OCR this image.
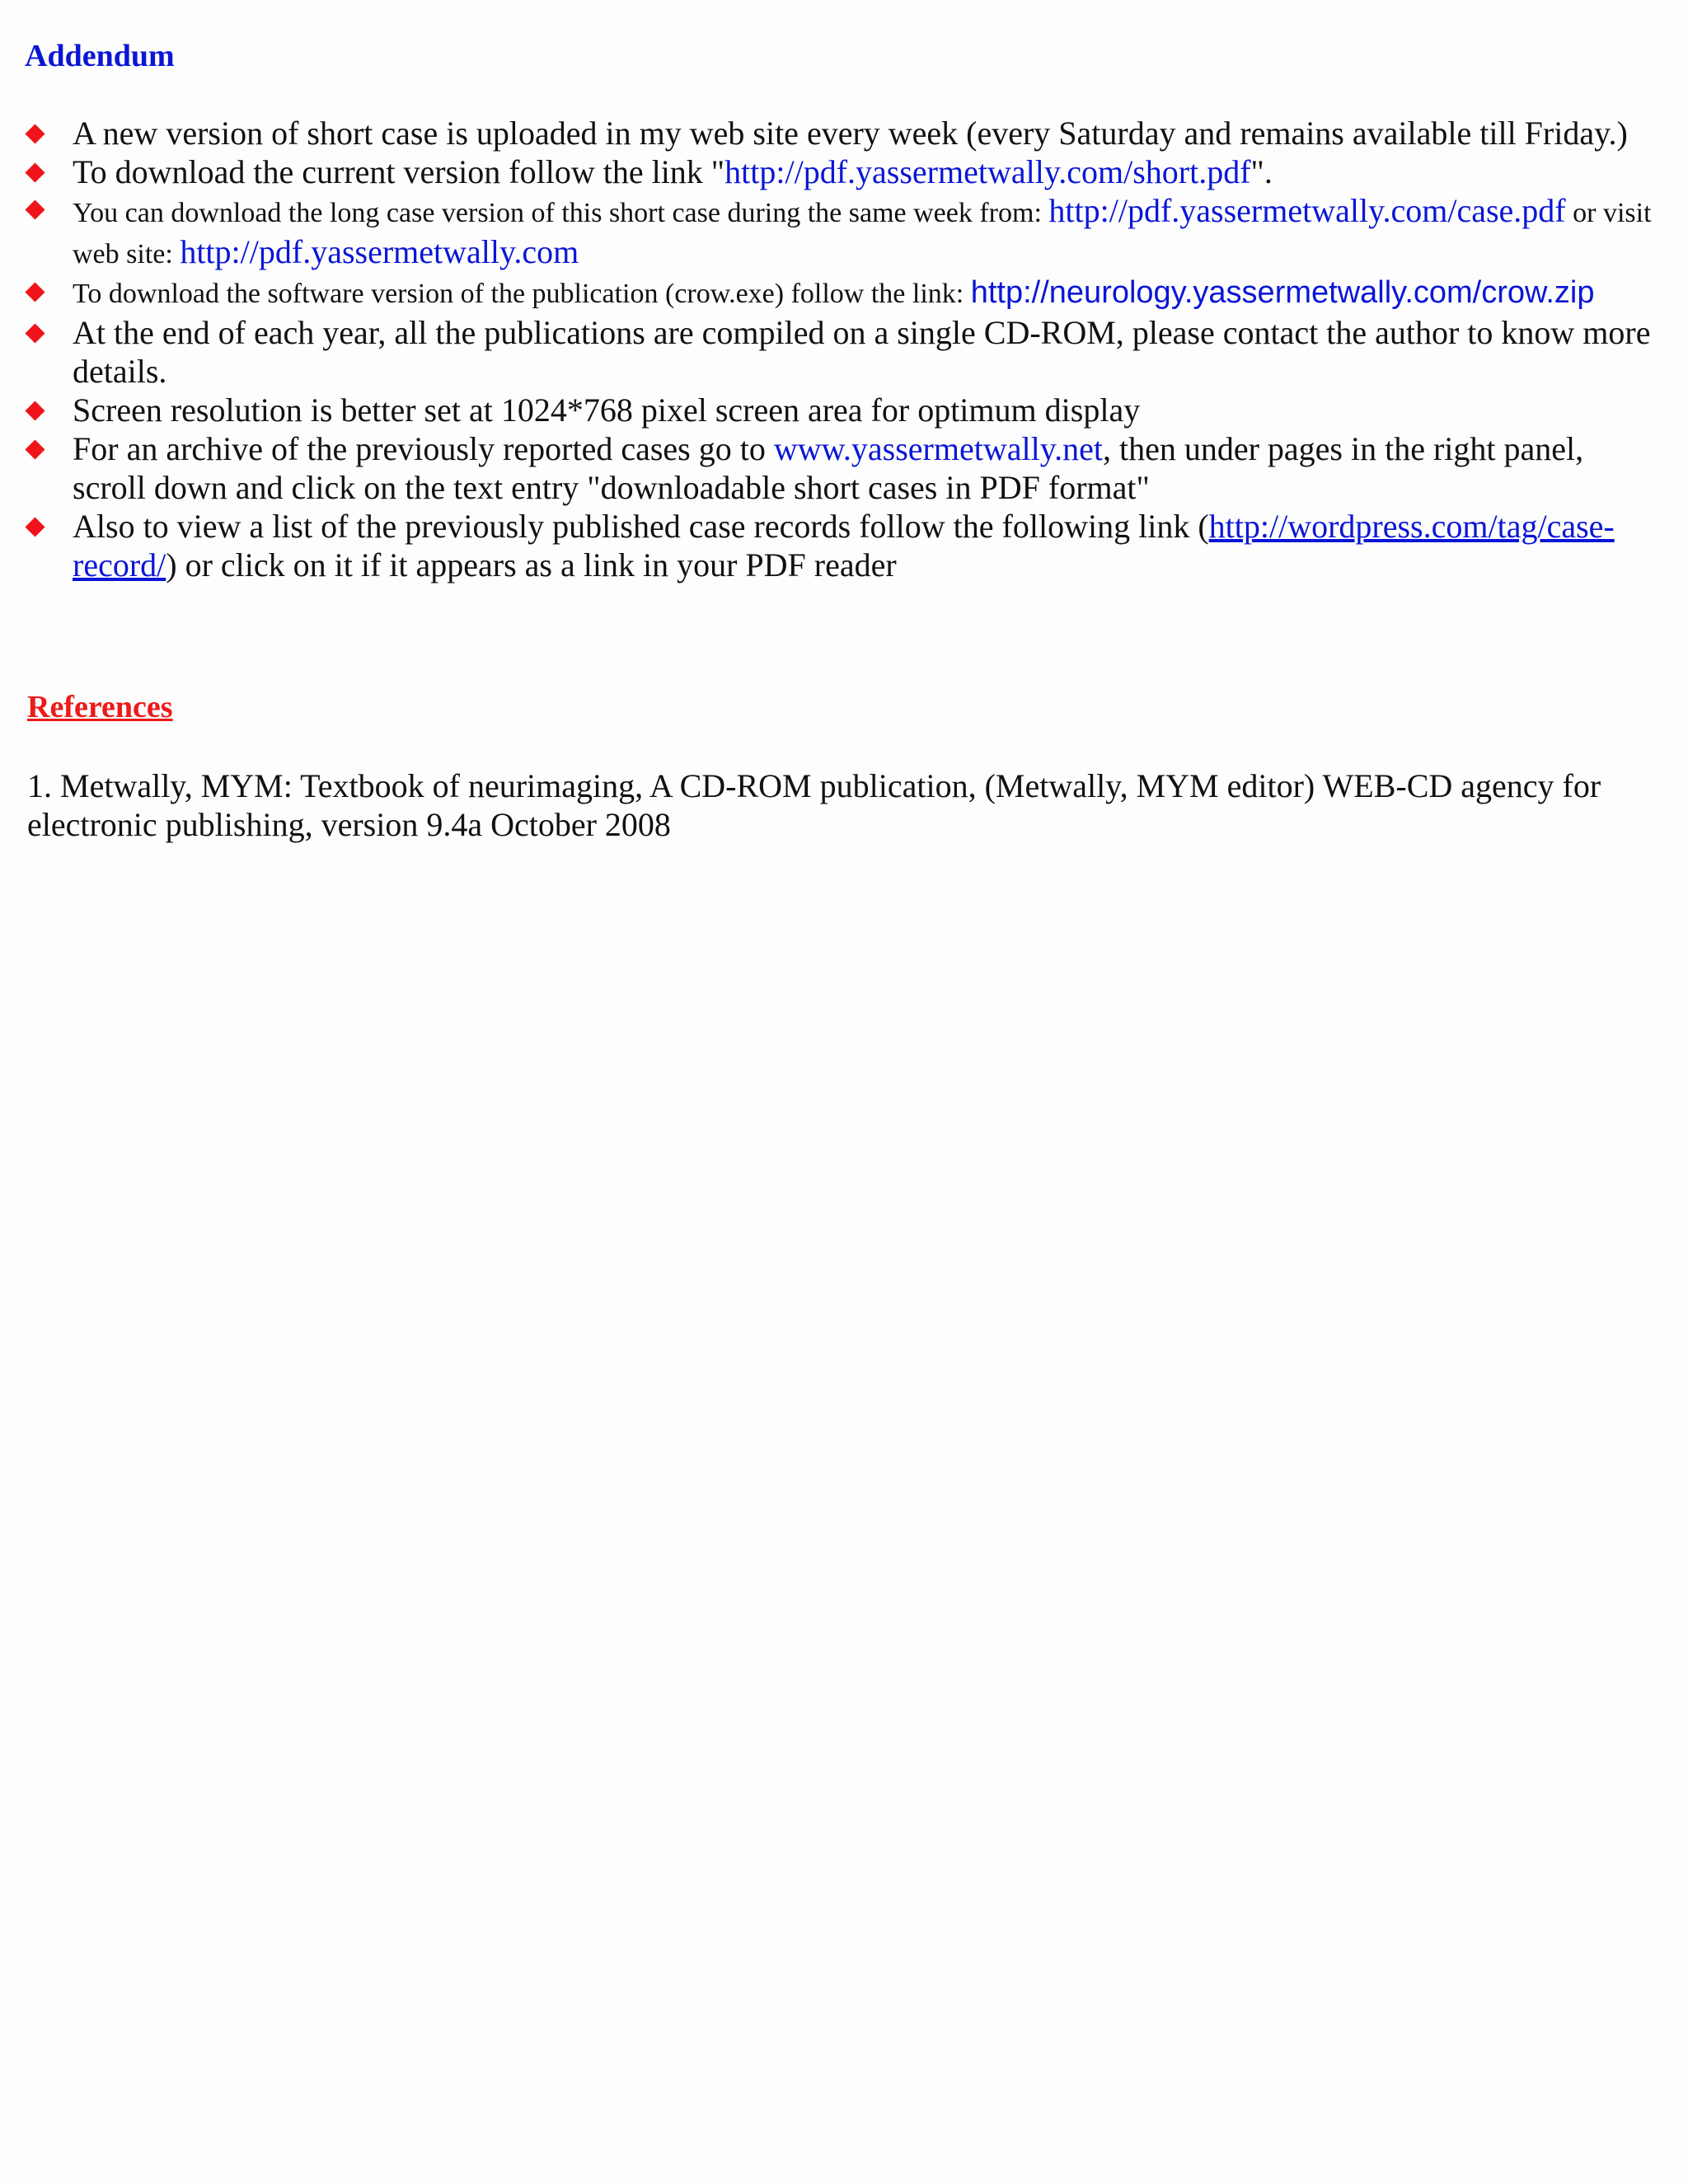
Addendum
A new version of short case is uploaded in my web site every week (every Saturday and remains available till Friday.)
To download the current version follow the link "http://pdf.yassermetwally.com/short.pdf".
You can download the long case version of this short case during the same week from: http://pdf.yassermetwally.com/case.pdf or visit web site: http://pdf.yassermetwally.com
To download the software version of the publication (crow.exe) follow the link: http://neurology.yassermetwally.com/crow.zip
At the end of each year, all the publications are compiled on a single CD-ROM, please contact the author to know more details.
Screen resolution is better set at 1024*768 pixel screen area for optimum display
For an archive of the previously reported cases go to www.yassermetwally.net, then under pages in the right panel, scroll down and click on the text entry "downloadable short cases in PDF format"
Also to view a list of the previously published case records follow the following link (http://wordpress.com/tag/case-record/) or click on it if it appears as a link in your PDF reader
References
1. Metwally, MYM: Textbook of neurimaging, A CD-ROM publication, (Metwally, MYM editor) WEB-CD agency for electronic publishing, version 9.4a October 2008
